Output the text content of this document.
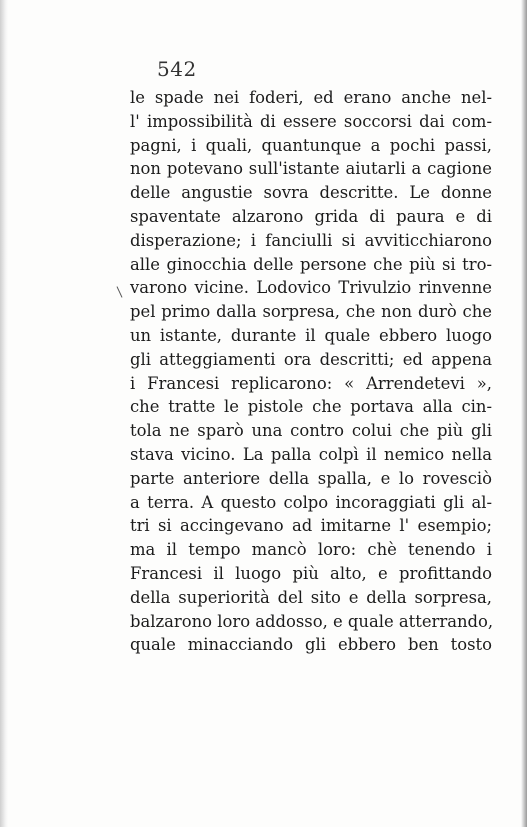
542
le spade nei foderi, ed erano anche nel-
l' impossibilità di essere soccorsi dai com-
pagni, i quali, quantunque a pochi passi,
non potevano sull'istante aiutarli a cagione
delle angustie sovra descritte. Le donne
spaventate alzarono grida di paura e di
disperazione; i fanciulli si avviticchiarono
alle ginocchia delle persone che più si tro-
varono vicine. Lodovico Trivulzio rinvenne
pel primo dalla sorpresa, che non durò che
un istante, durante il quale ebbero luogo
gli atteggiamenti ora descritti; ed appena
i Francesi replicarono: « Arrendetevi »,
che tratte le pistole che portava alla cin-
tola ne sparò una contro colui che più gli
stava vicino. La palla colpì il nemico nella
parte anteriore della spalla, e lo rovesciò
a terra. A questo colpo incoraggiati gli al-
tri si accingevano ad imitarne l' esempio;
ma il tempo mancò loro: chè tenendo i
Francesi il luogo più alto, e profittando
della superiorità del sito e della sorpresa,
balzarono loro addosso, e quale atterrando,
quale minacciando gli ebbero ben tosto
